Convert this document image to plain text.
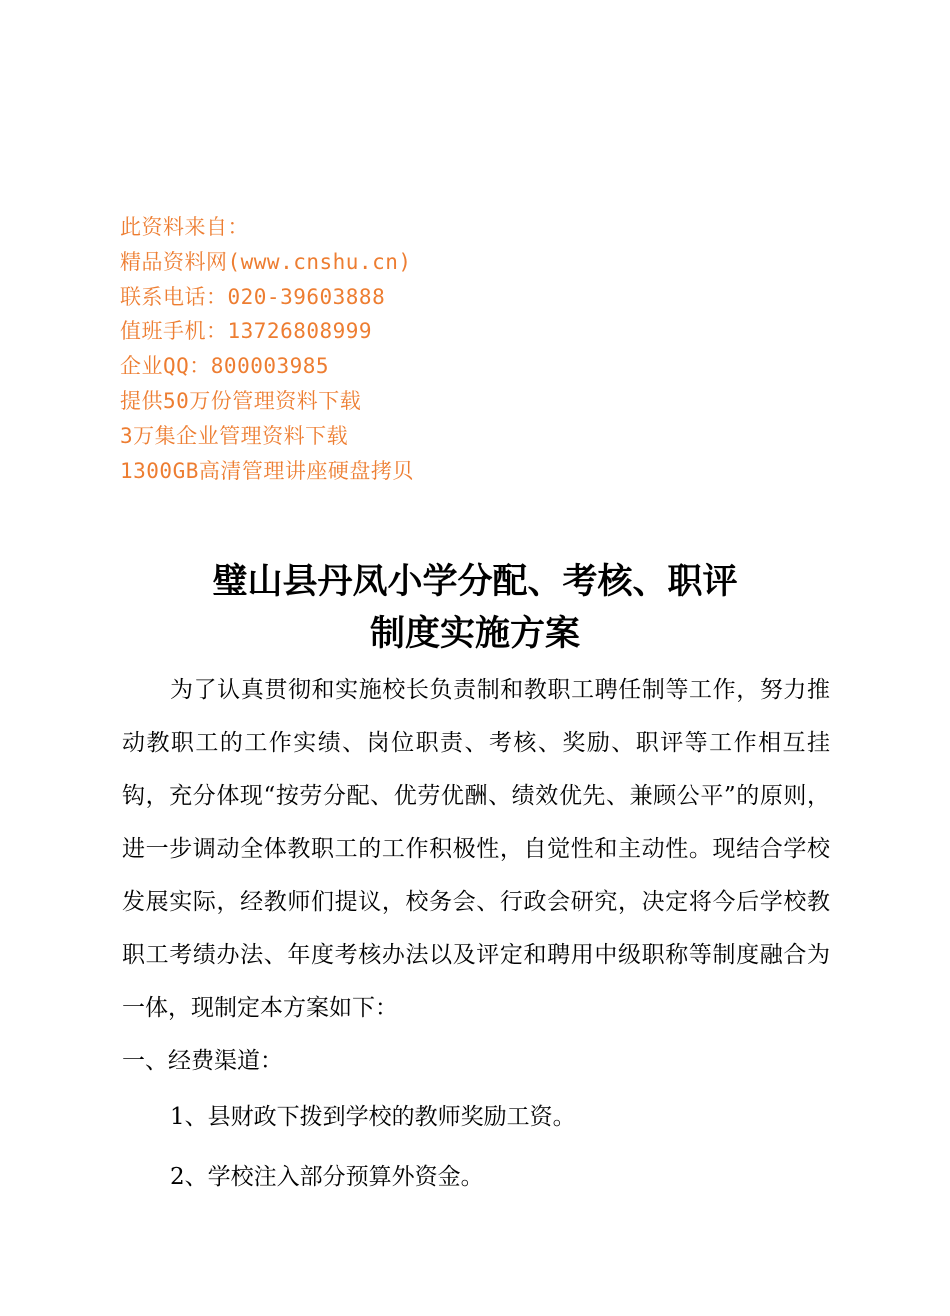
此资料来自：
精品资料网(www.cnshu.cn)
联系电话：020-39603888
值班手机：13726808999
企业QQ：800003985
提供50万份管理资料下载
3万集企业管理资料下载
1300GB高清管理讲座硬盘拷贝
璧山县丹凤小学分配、考核、职评
制度实施方案

为了认真贯彻和实施校长负责制和教职工聘任制等工作，努力推动教职工的工作实绩、岗位职责、考核、奖励、职评等工作相互挂钩，充分体现“按劳分配、优劳优酬、绩效优先、兼顾公平”的原则，进一步调动全体教职工的工作积极性，自觉性和主动性。现结合学校发展实际，经教师们提议，校务会、行政会研究，决定将今后学校教职工考绩办法、年度考核办法以及评定和聘用中级职称等制度融合为一体，现制定本方案如下：

一、经费渠道：

1、县财政下拨到学校的教师奖励工资。

2、学校注入部分预算外资金。
